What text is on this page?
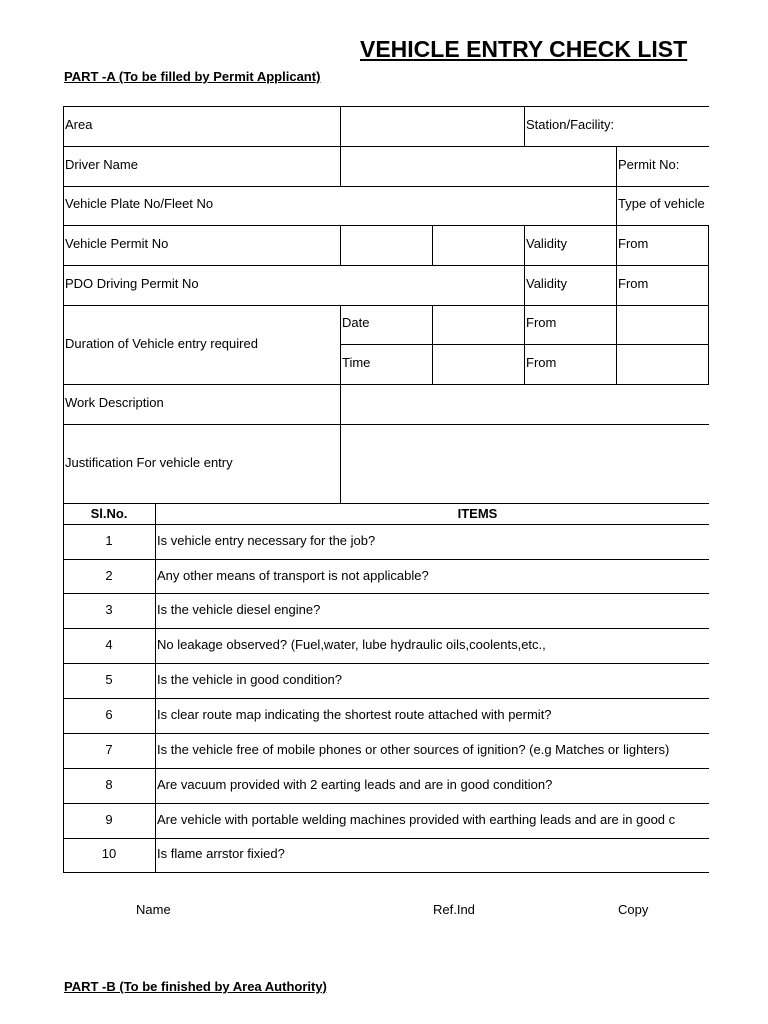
VEHICLE ENTRY CHECK LIST
PART -A (To be filled by Permit Applicant)
Area	Station/Facility:
Driver Name	Permit No:
Vehicle Plate No/Fleet No	Type of vehicle
Vehicle Permit No	Validity	From
PDO Driving Permit No	Validity	From
Duration of Vehicle entry required
Date	From
Time	From
Work Description
Justification For vehicle entry
Sl.No.	ITEMS
1	Is vehicle entry necessary for the job?
2	Any other means of transport is not applicable?
3	Is the vehicle diesel engine?
4	No leakage observed? (Fuel,water, lube hydraulic oils,coolents,etc.,
5	Is the vehicle in good condition?
6	Is clear route map indicating the shortest route attached with permit?
7	Is the vehicle free of mobile phones or other sources of ignition? (e.g Matches or lighters)
8	Are vacuum provided with 2 earting leads and are in good condition?
9	Are vehicle with portable welding machines provided with earthing leads and are in good c
10	Is flame arrstor fixied?
Name	Ref.Ind	Copy
PART -B (To be finished by Area Authority)
